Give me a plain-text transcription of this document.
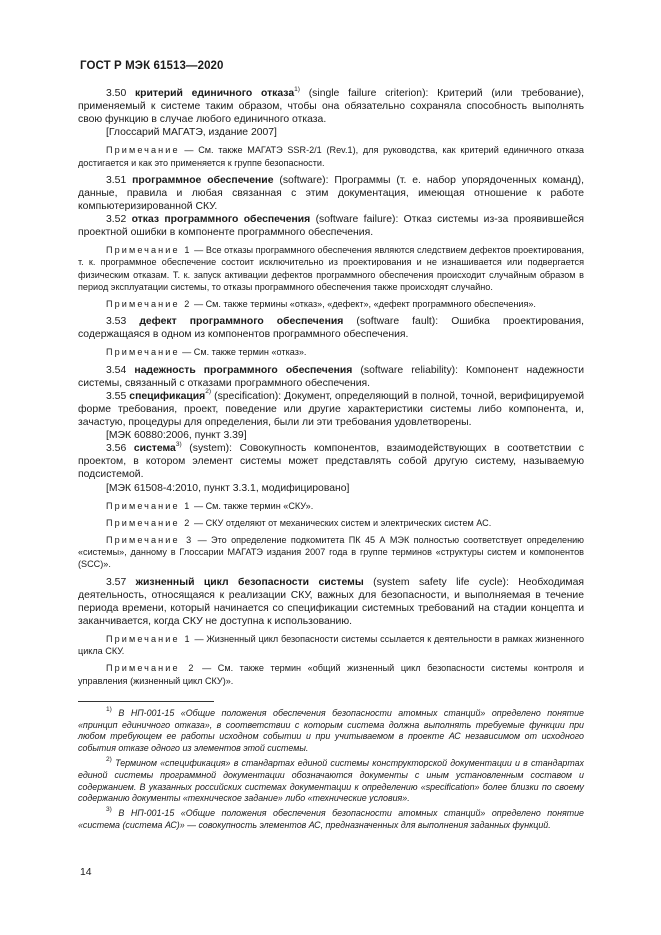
ГОСТ Р МЭК 61513—2020

3.50 критерий единичного отказа$^{1)}$ (single failure criterion): Критерий (или требование), применяемый к системе таким образом, чтобы она обязательно сохраняла способность выполнять свою функцию в случае любого единичного отказа.

[Глоссарий МАГАТЭ, издание 2007]

Примечание — См. также МАГАТЭ SSR-2/1 (Rev.1), для руководства, как критерий единичного отказа достигается и как это применяется к группе безопасности.

3.51 программное обеспечение (software): Программы (т. е. набор упорядоченных команд), данные, правила и любая связанная с этим документация, имеющая отношение к работе компьютеризированной СКУ.

3.52 отказ программного обеспечения (software failure): Отказ системы из-за проявившейся проектной ошибки в компоненте программного обеспечения.

Примечание 1 — Все отказы программного обеспечения являются следствием дефектов проектирования, т. к. программное обеспечение состоит исключительно из проектирования и не изнашивается или подвергается физическим отказам. Т. к. запуск активации дефектов программного обеспечения происходит случайным образом в период эксплуатации системы, то отказы программного обеспечения также происходят случайно.

Примечание 2 — См. также термины «отказ», «дефект», «дефект программного обеспечения».

3.53 дефект программного обеспечения (software fault): Ошибка проектирования, содержащаяся в одном из компонентов программного обеспечения.

Примечание — См. также термин «отказ».

3.54 надежность программного обеспечения (software reliability): Компонент надежности системы, связанный с отказами программного обеспечения.

3.55 спецификация$^{2)}$ (specification): Документ, определяющий в полной, точной, верифицируемой форме требования, проект, поведение или другие характеристики системы либо компонента, и, зачастую, процедуры для определения, были ли эти требования удовлетворены.

[МЭК 60880:2006, пункт 3.39]

3.56 система$^{3)}$ (system): Совокупность компонентов, взаимодействующих в соответствии с проектом, в котором элемент системы может представлять собой другую систему, называемую подсистемой.

[МЭК 61508-4:2010, пункт 3.3.1, модифицировано]

Примечание 1 — См. также термин «СКУ».

Примечание 2 — СКУ отделяют от механических систем и электрических систем АС.

Примечание 3 — Это определение подкомитета ПК 45 А МЭК полностью соответствует определению «системы», данному в Глоссарии МАГАТЭ издания 2007 года в группе терминов «структуры систем и компонентов (SCC)».

3.57 жизненный цикл безопасности системы (system safety life cycle): Необходимая деятельность, относящаяся к реализации СКУ, важных для безопасности, и выполняемая в течение периода времени, который начинается со спецификации системных требований на стадии концепта и заканчивается, когда СКУ не доступна к использованию.

Примечание 1 — Жизненный цикл безопасности системы ссылается к деятельности в рамках жизненного цикла СКУ.

Примечание 2 — См. также термин «общий жизненный цикл безопасности системы контроля и управления (жизненный цикл СКУ)».

$^{1)}$ В НП-001-15 «Общие положения обеспечения безопасности атомных станций» определено понятие «принцип единичного отказа», в соответствии с которым система должна выполнять требуемые функции при любом требующем ее работы исходном событии и при учитываемом в проекте АС независимом от исходного события отказе одного из элементов этой системы.

$^{2)}$ Термином «спецификация» в стандартах единой системы конструкторской документации и в стандартах единой системы программной документации обозначаются документы с иным установленным составом и содержанием. В указанных российских системах документации к определению «specification» более близки по своему содержанию документы «техническое задание» либо «технические условия».

$^{3)}$ В НП-001-15 «Общие положения обеспечения безопасности атомных станций» определено понятие «система (система АС)» — совокупность элементов АС, предназначенных для выполнения заданных функций.

14
